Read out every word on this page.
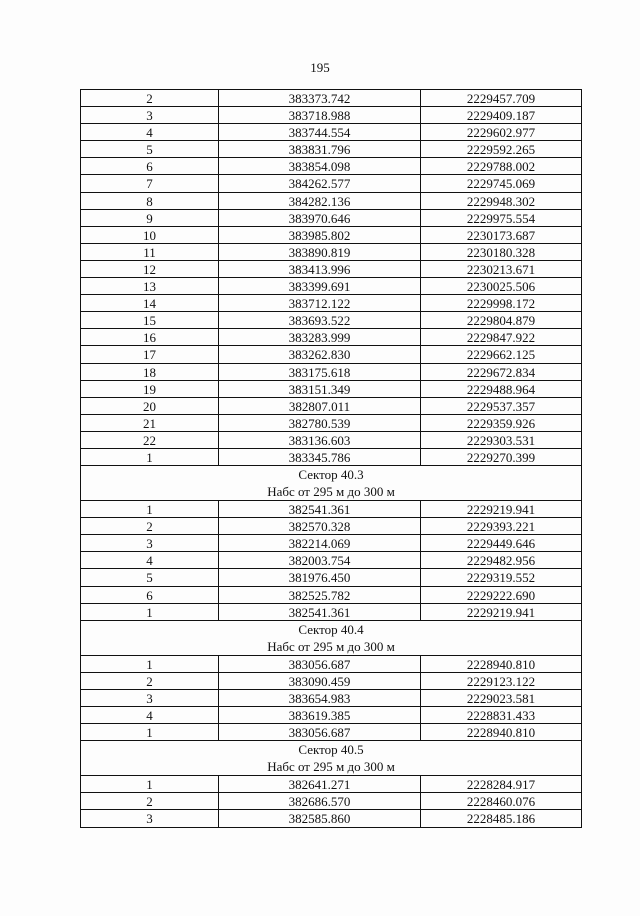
195
2	383373.742	2229457.709
3	383718.988	2229409.187
4	383744.554	2229602.977
5	383831.796	2229592.265
6	383854.098	2229788.002
7	384262.577	2229745.069
8	384282.136	2229948.302
9	383970.646	2229975.554
10	383985.802	2230173.687
11	383890.819	2230180.328
12	383413.996	2230213.671
13	383399.691	2230025.506
14	383712.122	2229998.172
15	383693.522	2229804.879
16	383283.999	2229847.922
17	383262.830	2229662.125
18	383175.618	2229672.834
19	383151.349	2229488.964
20	382807.011	2229537.357
21	382780.539	2229359.926
22	383136.603	2229303.531
1	383345.786	2229270.399
Сектор 40.3
Набс от 295 м до 300 м
1	382541.361	2229219.941
2	382570.328	2229393.221
3	382214.069	2229449.646
4	382003.754	2229482.956
5	381976.450	2229319.552
6	382525.782	2229222.690
1	382541.361	2229219.941
Сектор 40.4
Набс от 295 м до 300 м
1	383056.687	2228940.810
2	383090.459	2229123.122
3	383654.983	2229023.581
4	383619.385	2228831.433
1	383056.687	2228940.810
Сектор 40.5
Набс от 295 м до 300 м
1	382641.271	2228284.917
2	382686.570	2228460.076
3	382585.860	2228485.186
